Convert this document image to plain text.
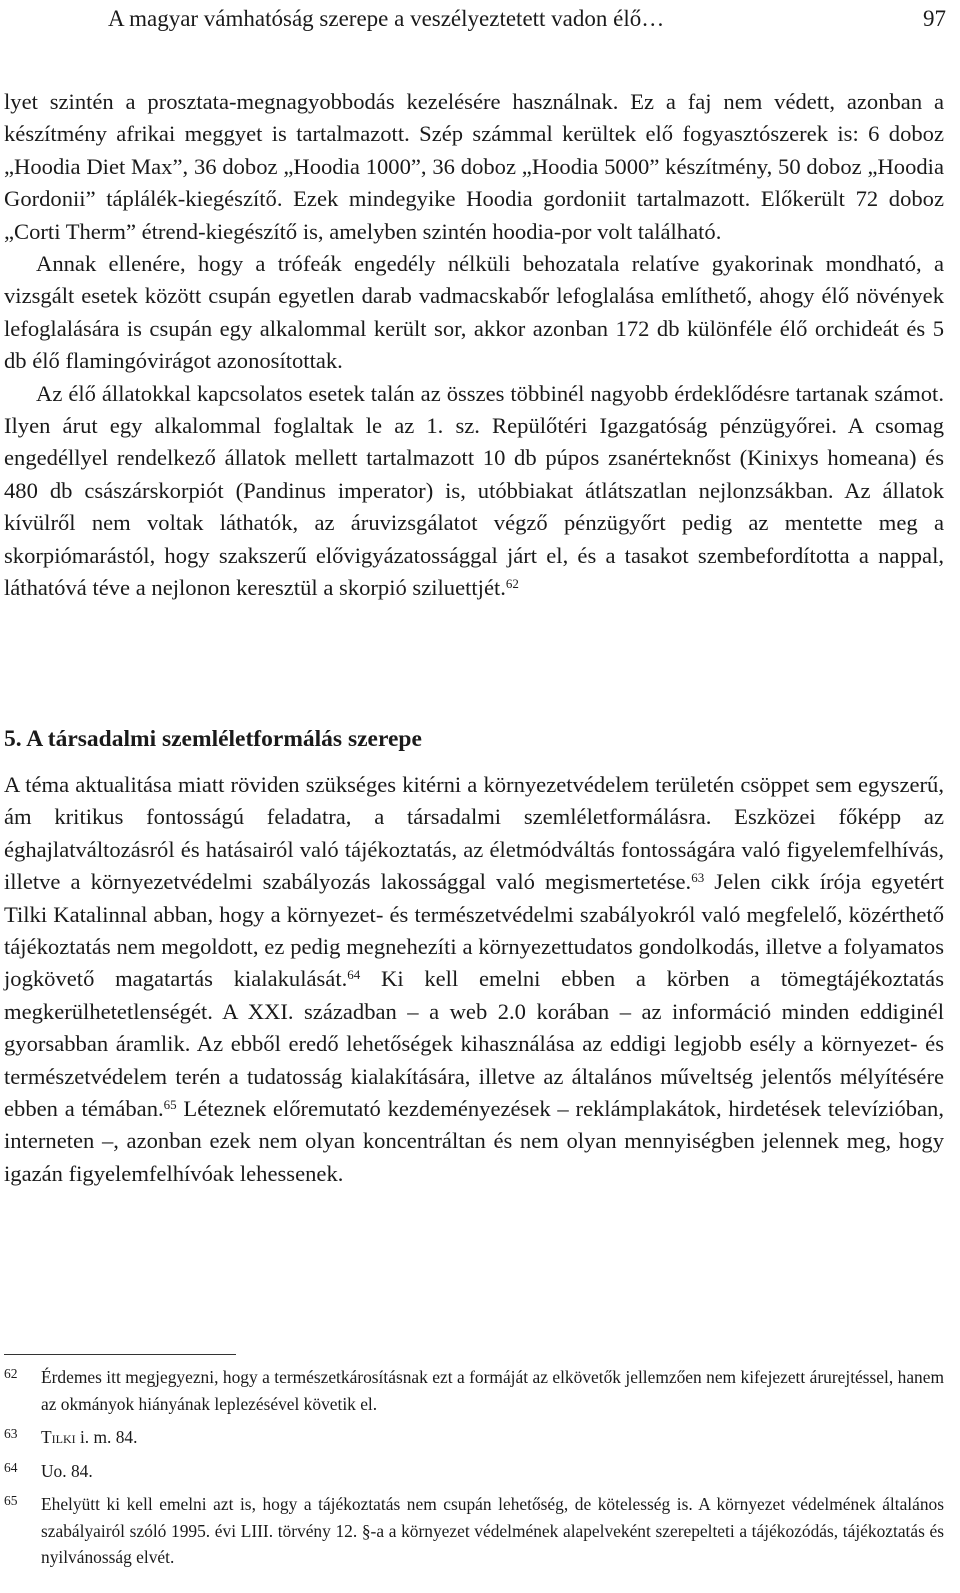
A magyar vámhatóság szerepe a veszélyeztetett vadon élő…	97

lyet szintén a prosztata-megnagyobbodás kezelésére használnak. Ez a faj nem védett, azonban a készítmény afrikai meggyet is tartalmazott. Szép számmal kerültek elő fogyasztószerek is: 6 doboz „Hoodia Diet Max”, 36 doboz „Hoodia 1000”, 36 doboz „Hoodia 5000” készítmény, 50 doboz „Hoodia Gordonii” táplálék-kiegészítő. Ezek mindegyike Hoodia gordoniit tartalmazott. Előkerült 72 doboz „Corti Therm” étrend-kiegészítő is, amelyben szintén hoodia-por volt található.

Annak ellenére, hogy a trófeák engedély nélküli behozatala relatíve gyakorinak mondható, a vizsgált esetek között csupán egyetlen darab vadmacskabőr lefoglalása említhető, ahogy élő növények lefoglalására is csupán egy alkalommal került sor, akkor azonban 172 db különféle élő orchideát és 5 db élő flamingóvirágot azonosítottak.

Az élő állatokkal kapcsolatos esetek talán az összes többinél nagyobb érdeklődésre tartanak számot. Ilyen árut egy alkalommal foglaltak le az 1. sz. Repülőtéri Igazgatóság pénzügyőrei. A csomag engedéllyel rendelkező állatok mellett tartalmazott 10 db púpos zsanérteknőst (Kinixys homeana) és 480 db császárskorpiót (Pandinus imperator) is, utóbbiakat átlátszatlan nejlonzsákban. Az állatok kívülről nem voltak láthatók, az áruvizsgálatot végző pénzügyőrt pedig az mentette meg a skorpiómarástól, hogy szakszerű elővigyázatossággal járt el, és a tasakot szembefordította a nappal, láthatóvá téve a nejlonon keresztül a skorpió sziluettjét.$^{62}$

5. A társadalmi szemléletformálás szerepe

A téma aktualitása miatt röviden szükséges kitérni a környezetvédelem területén csöppet sem egyszerű, ám kritikus fontosságú feladatra, a társadalmi szemléletformálásra. Eszközei főképp az éghajlatváltozásról és hatásairól való tájékoztatás, az életmódváltás fontosságára való figyelemfelhívás, illetve a környezetvédelmi szabályozás lakossággal való megismertetése.$^{63}$ Jelen cikk írója egyetért Tilki Katalinnal abban, hogy a környezet- és természetvédelmi szabályokról való megfelelő, közérthető tájékoztatás nem megoldott, ez pedig megnehezíti a környezettudatos gondolkodás, illetve a folyamatos jogkövető magatartás kialakulását.$^{64}$ Ki kell emelni ebben a körben a tömegtájékoztatás megkerülhetetlenségét. A XXI. században – a web 2.0 korában – az információ minden eddiginél gyorsabban áramlik. Az ebből eredő lehetőségek kihasználása az eddigi legjobb esély a környezet- és természetvédelem terén a tudatosság kialakítására, illetve az általános műveltség jelentős mélyítésére ebben a témában.$^{65}$ Léteznek előremutató kezdeményezések – reklámplakátok, hirdetések televízióban, interneten –, azonban ezek nem olyan koncentráltan és nem olyan mennyiségben jelennek meg, hogy igazán figyelemfelhívóak lehessenek.

62 Érdemes itt megjegyezni, hogy a természetkárosításnak ezt a formáját az elkövetők jellemzően nem kifejezett árurejtéssel, hanem az okmányok hiányának leplezésével követik el.
63 Tilki i. m. 84.
64 Uo. 84.
65 Ehelyütt ki kell emelni azt is, hogy a tájékoztatás nem csupán lehetőség, de kötelesség is. A környezet védelmének általános szabályairól szóló 1995. évi LIII. törvény 12. §-a a környezet védelmének alapelveként szerepelteti a tájékozódás, tájékoztatás és nyilvánosság elvét.
